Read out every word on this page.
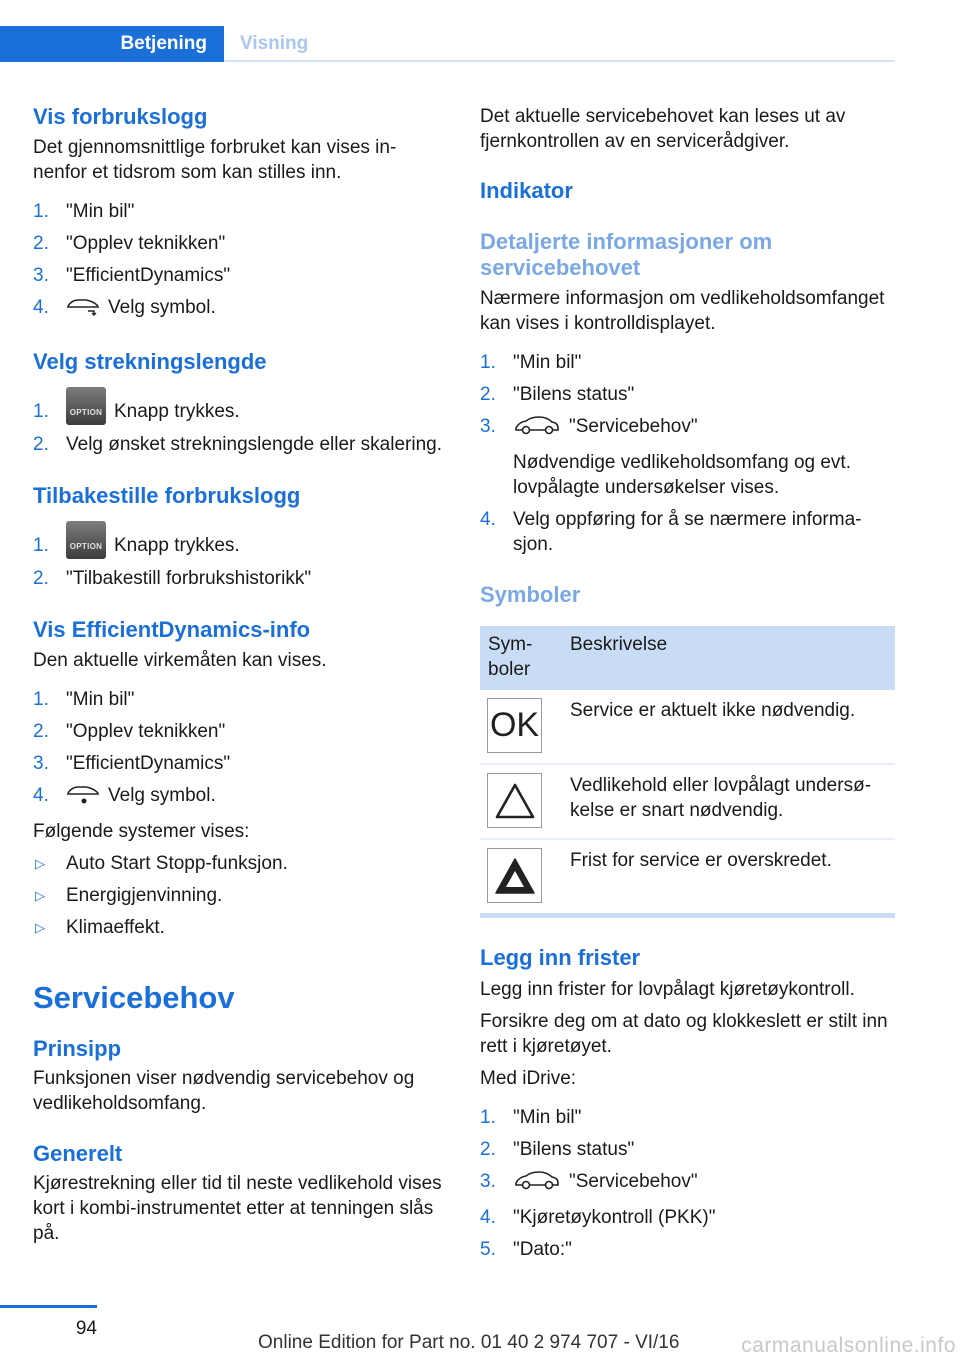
Betjening	Visning
Vis forbrukslogg

Det gjennomsnittlige forbruket kan vises innenfor et tidsrom som kan stilles inn.

1. "Min bil"
2. "Opplev teknikken"
3. "EfficientDynamics"
4.	Velg symbol.
Velg strekningslengde
1.	OPTION Knapp trykkes.
2. Velg ønsket strekningslengde eller skalering.
Tilbakestille forbrukslogg
1.	OPTION Knapp trykkes.
2. "Tilbakestill forbrukshistorikk"
Vis EfficientDynamics-info

Den aktuelle virkemåten kan vises.

1. "Min bil"
2. "Opplev teknikken"
3. "EfficientDynamics"
4.	Velg symbol.

Følgende systemer vises:

▷ Auto Start Stopp-funksjon.
▷ Energigjenvinning.
▷ Klimaeffekt.
Servicebehov
Prinsipp

Funksjonen viser nødvendig servicebehov og vedlikeholdsomfang.

Generelt

Kjørestrekning eller tid til neste vedlikehold vises kort i kombi-instrumentet etter at tenningen slås på.

Det aktuelle servicebehovet kan leses ut av fjernkontrollen av en servicerådgiver.

Indikator
Detaljerte informasjoner om servicebehovet

Nærmere informasjon om vedlikeholdsomfanget kan vises i kontrolldisplayet.

1. "Min bil"
2. "Bilens status"
3.	"Servicebehov"
Nødvendige vedlikeholdsomfang og evt. lovpålagte undersøkelser vises.
4. Velg oppføring for å se nærmere informasjon.
Symboler
Symboler	Beskrivelse

OK	Service er aktuelt ikke nødvendig.

	Vedlikehold eller lovpålagt undersøkelse er snart nødvendig.

	Frist for service er overskredet.
Legg inn frister

Legg inn frister for lovpålagt kjøretøykontroll.

Forsikre deg om at dato og klokkeslett er stilt inn rett i kjøretøyet.

Med iDrive:

1. "Min bil"
2. "Bilens status"
3.	"Servicebehov"
4. "Kjøretøykontroll (PKK)"
5. "Dato:"
94
Online Edition for Part no. 01 40 2 974 707 - VI/16	carmanualsonline.info
